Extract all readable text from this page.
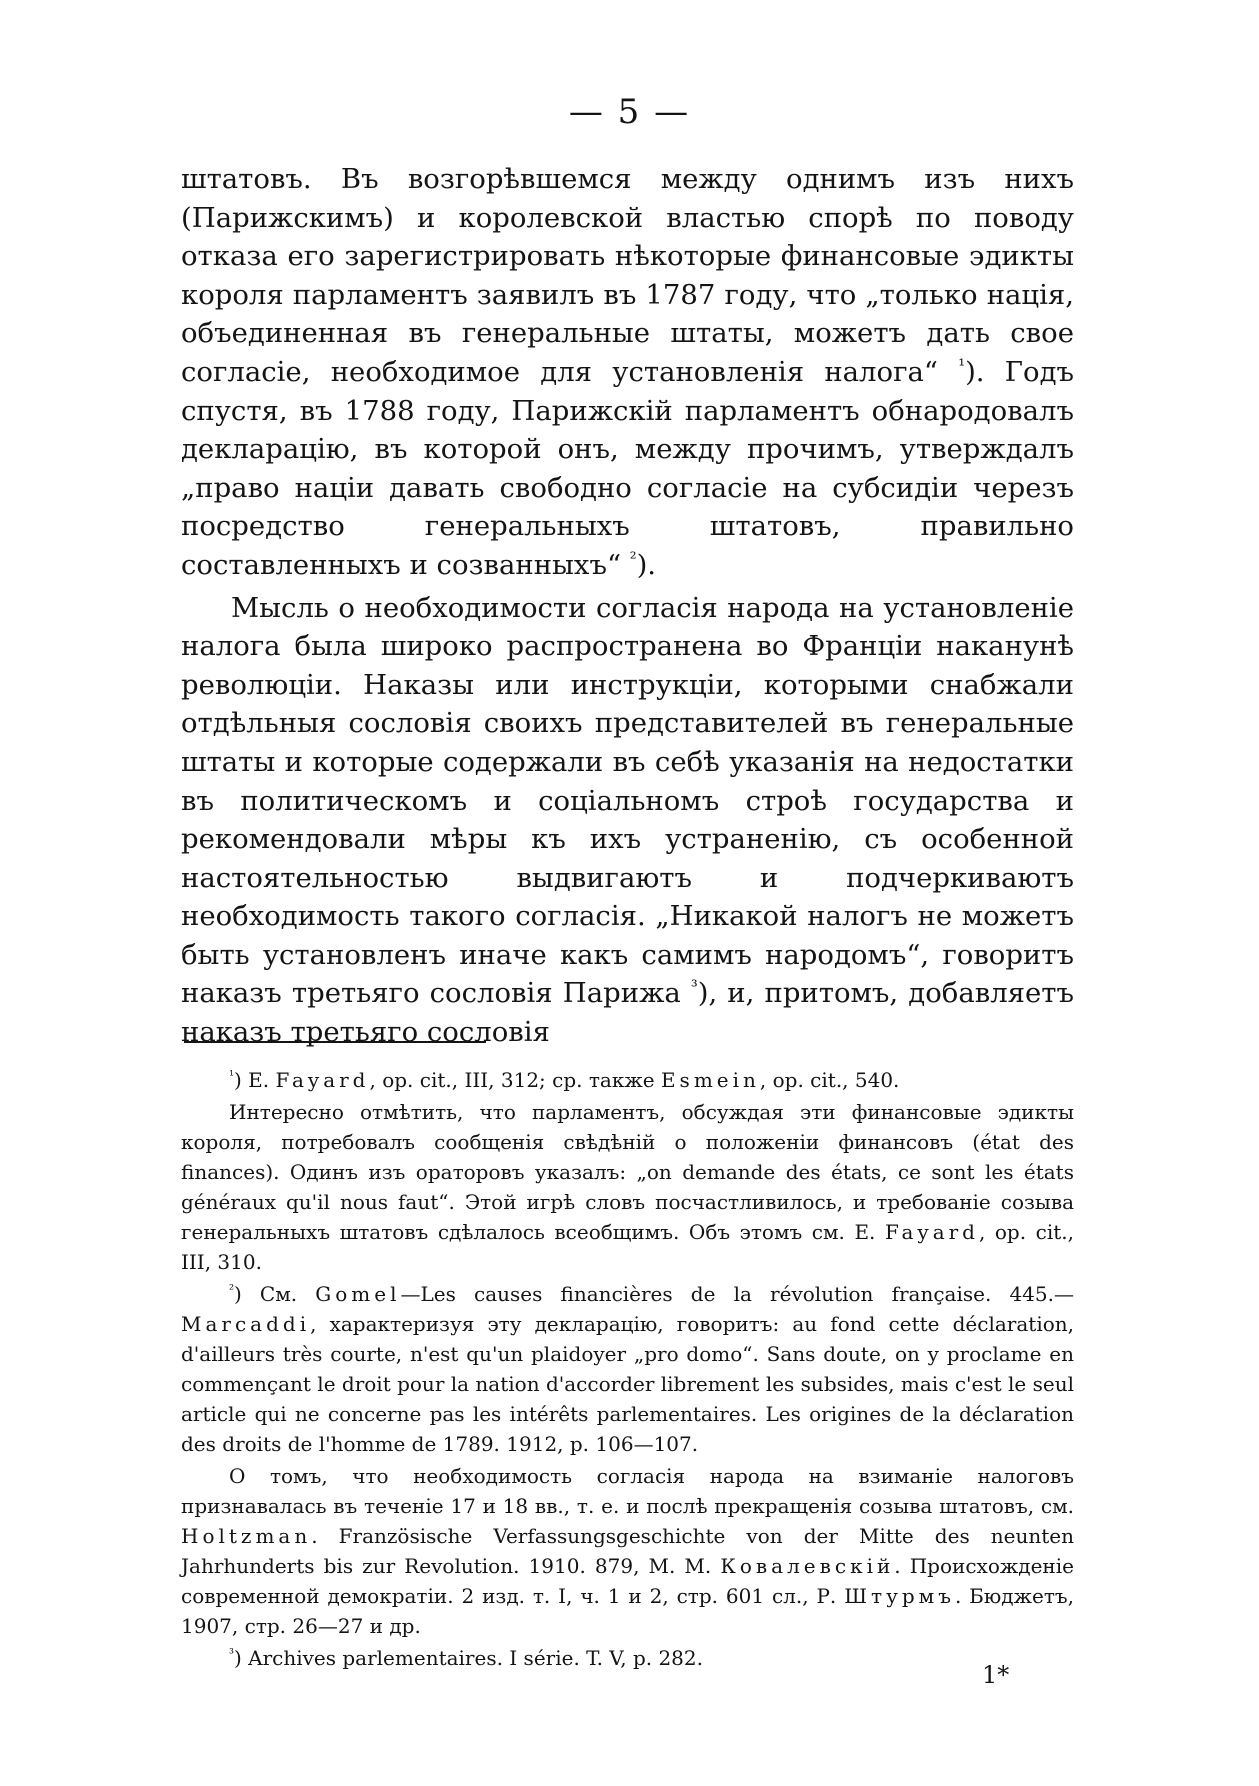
— 5 —

штатовъ. Въ возгорѣвшемся между однимъ изъ нихъ (Парижскимъ) и королевской властью спорѣ по поводу отказа его зарегистрировать нѣкоторые финансовые эдикты короля парламентъ заявилъ въ 1787 году, что „только нація, объединенная въ генеральные штаты, можетъ дать свое согласіе, необходимое для установленія налога“ $^{^1}$). Годъ спустя, въ 1788 году, Парижскій парламентъ обнародовалъ декларацію, въ которой онъ, между прочимъ, утверждалъ „право націи давать свободно согласіе на субсидіи черезъ посредство генеральныхъ штатовъ, правильно составленныхъ и созванныхъ“ $^{^2}$).

Мысль о необходимости согласія народа на установленіе налога была широко распространена во Франціи наканунѣ революціи. Наказы или инструкціи, которыми снабжали отдѣльныя сословія своихъ представителей въ генеральные штаты и которые содержали въ себѣ указанія на недостатки въ политическомъ и соціальномъ строѣ государства и рекомендовали мѣры къ ихъ устраненію, съ особенной настоятельностью выдвигаютъ и подчеркиваютъ необходимость такого согласія. „Никакой налогъ не можетъ быть установленъ иначе какъ самимъ народомъ“, говоритъ наказъ третьяго сословія Парижа $^{^3}$), и, притомъ, добавляетъ наказъ третьяго сословія

$^{^1}$) E. Fayard, op. cit., III, 312; ср. также Esmein, op. cit., 540.

Интересно отмѣтить, что парламентъ, обсуждая эти финансовые эдикты короля, потребовалъ сообщенія свѣдѣній о положеніи финансовъ (état des finances). Одинъ изъ ораторовъ указалъ: „on demande des états, ce sont les états généraux qu'il nous faut“. Этой игрѣ словъ посчастливилось, и требованіе созыва генеральныхъ штатовъ сдѣлалось всеобщимъ. Объ этомъ см. E. Fayard, op. cit., III, 310.

$^{^2}$) См. Gomel—Les causes financières de la révolution française. 445.—Marcaddi, характеризуя эту декларацію, говоритъ: au fond cette déclaration, d'ailleurs très courte, n'est qu'un plaidoyer „pro domo“. Sans doute, on y proclame en commençant le droit pour la nation d'accorder librement les subsides, mais c'est le seul article qui ne concerne pas les intérêts parlementaires. Les origines de la déclaration des droits de l'homme de 1789. 1912, p. 106—107.

О томъ, что необходимость согласія народа на взиманіе налоговъ признавалась въ теченіе 17 и 18 вв., т. е. и послѣ прекращенія созыва штатовъ, см. Holtzman. Französische Verfassungsgeschichte von der Mitte des neunten Jahrhunderts bis zur Revolution. 1910. 879, М. М. Ковалевскій. Происхожденіе современной демократіи. 2 изд. т. I, ч. 1 и 2, стр. 601 сл., Р. Штурмъ. Бюджетъ, 1907, стр. 26—27 и др.

$^{^3}$) Archives parlementaires. I série. T. V, p. 282.

1*
